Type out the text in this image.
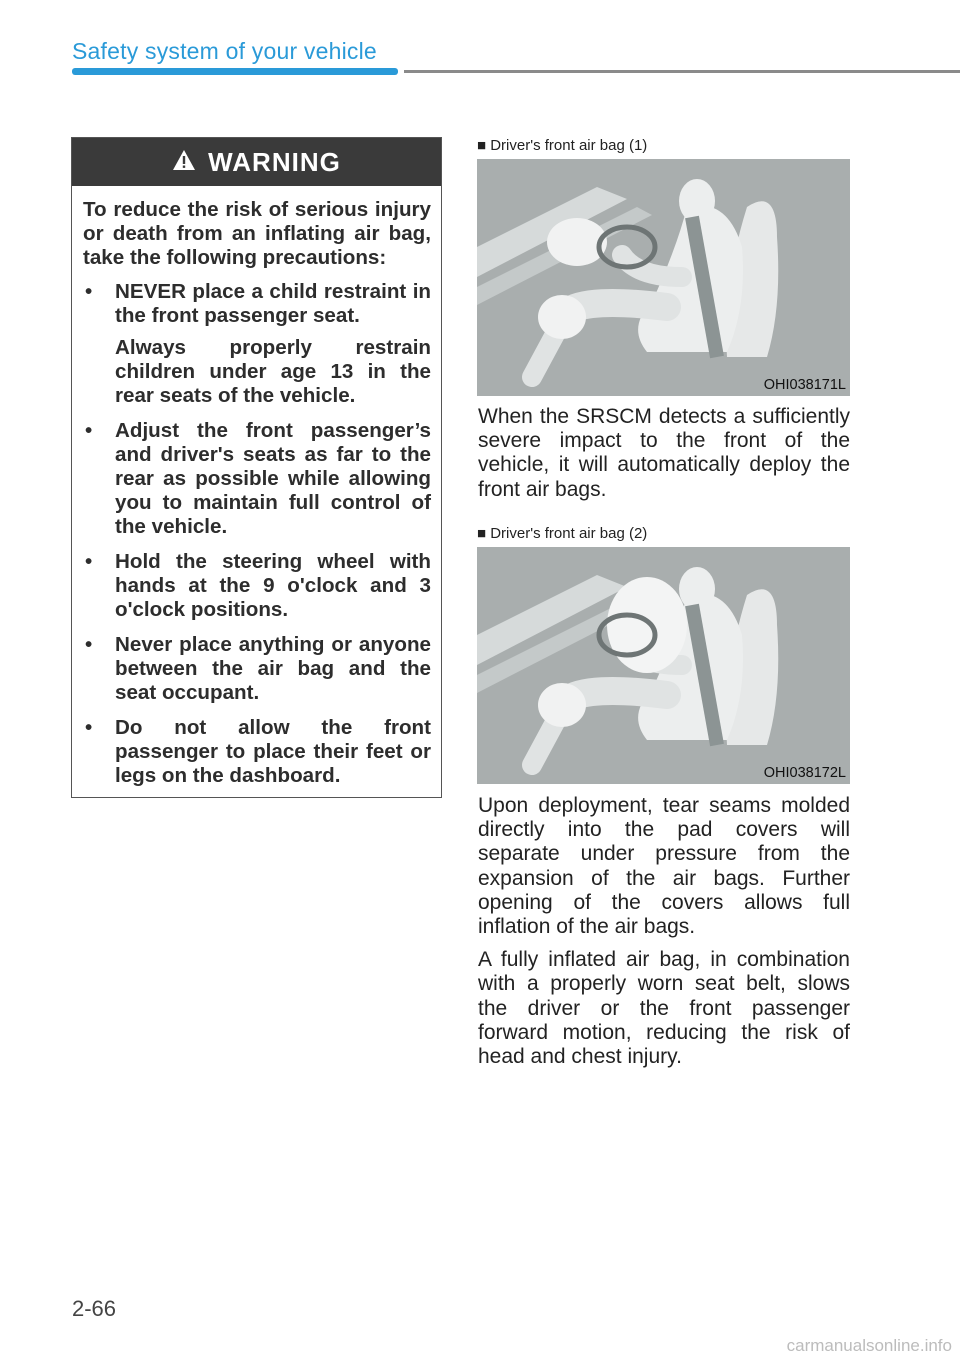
Safety system of your vehicle
WARNING

To reduce the risk of serious injury or death from an inflating air bag, take the following precautions:

• NEVER place a child restraint in the front passenger seat.

Always properly restrain children under age 13 in the rear seats of the vehicle.

• Adjust the front passenger’s and driver's seats as far to the rear as possible while allowing you to maintain full control of the vehicle.

• Hold the steering wheel with hands at the 9 o'clock and 3 o'clock positions.

• Never place anything or anyone between the air bag and the seat occupant.

• Do not allow the front passenger to place their feet or legs on the dashboard.

■ Driver's front air bag (1)
OHI038171L

When the SRSCM detects a sufficiently severe impact to the front of the vehicle, it will automatically deploy the front air bags.

■ Driver's front air bag (2)
OHI038172L

Upon deployment, tear seams molded directly into the pad covers will separate under pressure from the expansion of the air bags. Further opening of the covers allows full inflation of the air bags.

A fully inflated air bag, in combination with a properly worn seat belt, slows the driver or the front passenger forward motion, reducing the risk of head and chest injury.

2-66
carmanualsonline.info
